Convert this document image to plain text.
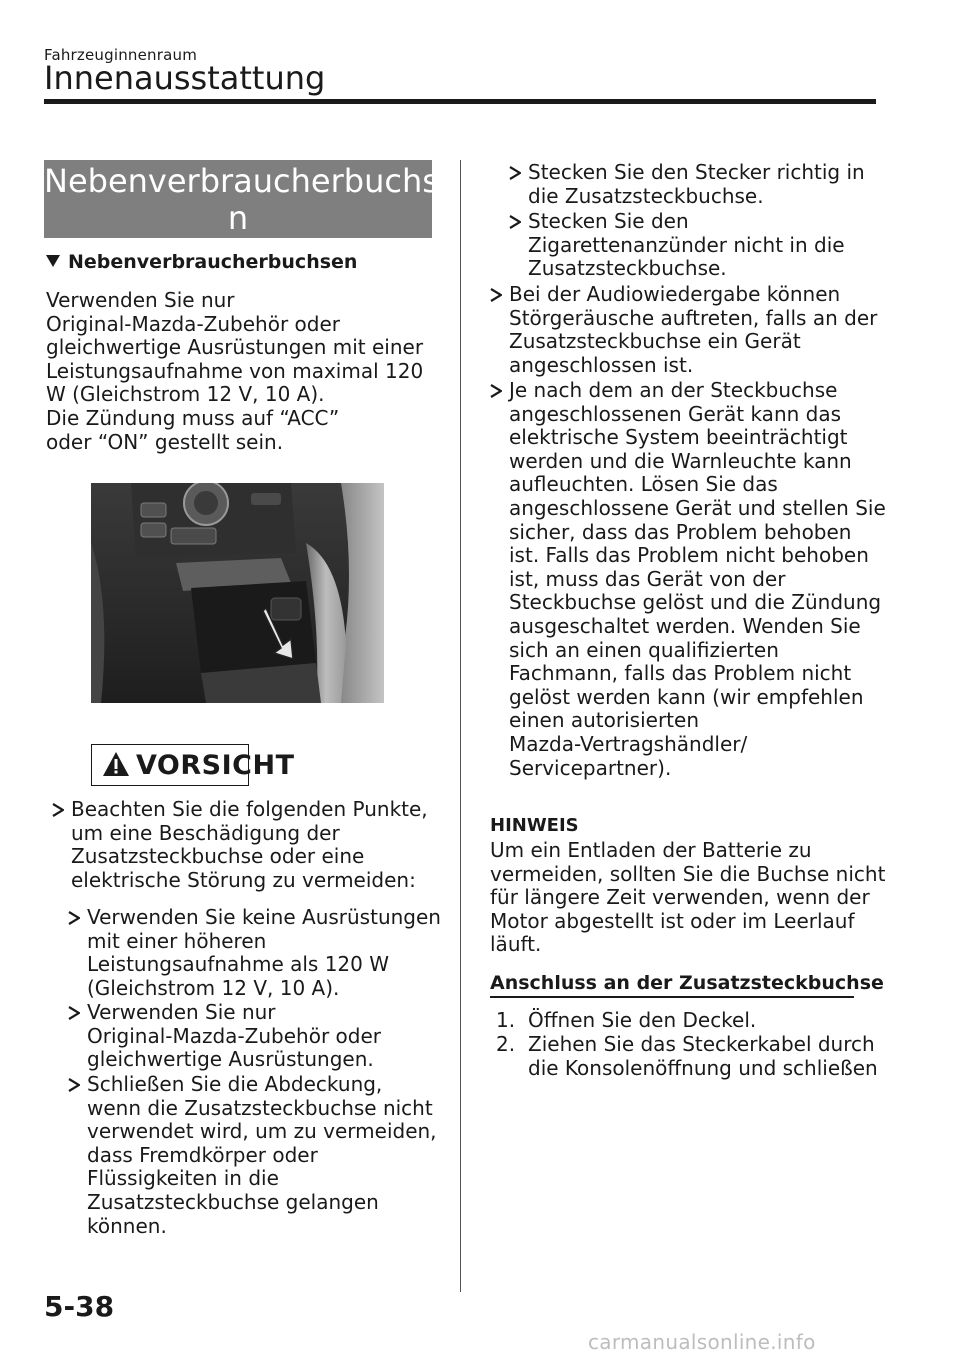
Fahrzeuginnenraum
Innenausstattung
Nebenverbraucherbuchse
n
Nebenverbraucherbuchsen
Verwenden Sie nur
Original-Mazda-Zubehör oder
gleichwertige Ausrüstungen mit einer
Leistungsaufnahme von maximal 120
W (Gleichstrom 12 V, 10 A).
Die Zündung muss auf “ACC”
oder “ON” gestellt sein.
VORSICHT
Beachten Sie die folgenden Punkte,
um eine Beschädigung der
Zusatzsteckbuchse oder eine
elektrische Störung zu vermeiden:
Verwenden Sie keine Ausrüstungen
mit einer höheren
Leistungsaufnahme als 120 W
(Gleichstrom 12 V, 10 A).
Verwenden Sie nur
Original-Mazda-Zubehör oder
gleichwertige Ausrüstungen.
Schließen Sie die Abdeckung,
wenn die Zusatzsteckbuchse nicht
verwendet wird, um zu vermeiden,
dass Fremdkörper oder
Flüssigkeiten in die
Zusatzsteckbuchse gelangen
können.
Stecken Sie den Stecker richtig in
die Zusatzsteckbuchse.
Stecken Sie den
Zigarettenanzünder nicht in die
Zusatzsteckbuchse.
Bei der Audiowiedergabe können
Störgeräusche auftreten, falls an der
Zusatzsteckbuchse ein Gerät
angeschlossen ist.
Je nach dem an der Steckbuchse
angeschlossenen Gerät kann das
elektrische System beeinträchtigt
werden und die Warnleuchte kann
aufleuchten. Lösen Sie das
angeschlossene Gerät und stellen Sie
sicher, dass das Problem behoben
ist. Falls das Problem nicht behoben
ist, muss das Gerät von der
Steckbuchse gelöst und die Zündung
ausgeschaltet werden. Wenden Sie
sich an einen qualifizierten
Fachmann, falls das Problem nicht
gelöst werden kann (wir empfehlen
einen autorisierten
Mazda-Vertragshändler/
Servicepartner).
HINWEIS
Um ein Entladen der Batterie zu
vermeiden, sollten Sie die Buchse nicht
für längere Zeit verwenden, wenn der
Motor abgestellt ist oder im Leerlauf
läuft.
Anschluss an der Zusatzsteckbuchse
1. Öffnen Sie den Deckel.
2. Ziehen Sie das Steckerkabel durch
die Konsolenöffnung und schließen
5-38
carmanualsonline.info
